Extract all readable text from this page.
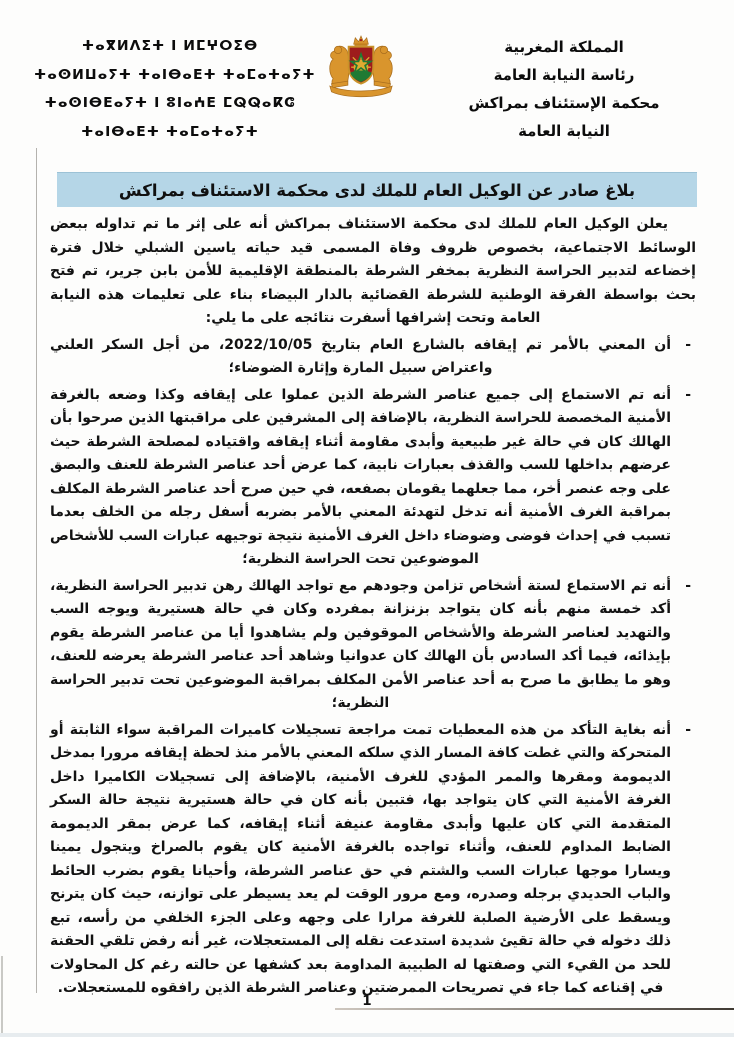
ⵜⴰⴳⵍⴷⵉⵜ ⵏ ⵍⵎⵖⵔⵉⴱ
ⵜⴰⵙⵍⵡⴰⵢⵜ ⵜⴰⵏⴱⴰⴹⵜ ⵜⴰⵎⴰⵜⴰⵢⵜ
ⵜⴰⵙⵏⴱⴹⴰⵢⵜ ⵏ ⵓⵏⴰⵄⴹ ⵎⵕⵕⴰⴽⵛ
ⵜⴰⵏⴱⴰⴹⵜ ⵜⴰⵎⴰⵜⴰⵢⵜ
المملكة المغربية
رئاسة النيابة العامة
محكمة الإستئناف بمراكش
النيابة العامة
بلاغ صادر عن الوكيل العام للملك لدى محكمة الاستئناف بمراكش

يعلن الوكيل العام للملك لدى محكمة الاستئناف بمراكش أنه على إثر ما تم تداوله ببعض الوسائط الاجتماعية، بخصوص ظروف وفاة المسمى قيد حياته ياسين الشبلي خلال فترة إخضاعه لتدبير الحراسة النظرية بمخفر الشرطة بالمنطقة الإقليمية للأمن بابن جرير، تم فتح بحث بواسطة الفرقة الوطنية للشرطة القضائية بالدار البيضاء بناء على تعليمات هذه النيابة العامة وتحت إشرافها أسفرت نتائجه على ما يلي:

-
أن المعني بالأمر تم إيقافه بالشارع العام بتاريخ 2022/10/05، من أجل السكر العلني واعتراض سبيل المارة وإثارة الضوضاء؛
-
أنه تم الاستماع إلى جميع عناصر الشرطة الذين عملوا على إيقافه وكذا وضعه بالغرفة الأمنية المخصصة للحراسة النظرية، بالإضافة إلى المشرفين على مراقبتها الذين صرحوا بأن الهالك كان في حالة غير طبيعية وأبدى مقاومة أثناء إيقافه واقتياده لمصلحة الشرطة حيث عرضهم بداخلها للسب والقذف بعبارات نابية، كما عرض أحد عناصر الشرطة للعنف والبصق على وجه عنصر أخر، مما جعلهما يقومان بصفعه، في حين صرح أحد عناصر الشرطة المكلف بمراقبة الغرف الأمنية أنه تدخل لتهدئة المعني بالأمر بضربه أسفل رجله من الخلف بعدما تسبب في إحداث فوضى وضوضاء داخل الغرف الأمنية نتيجة توجيهه عبارات السب للأشخاص الموضوعين تحت الحراسة النظرية؛
-
أنه تم الاستماع لستة أشخاص تزامن وجودهم مع تواجد الهالك رهن تدبير الحراسة النظرية، أكد خمسة منهم بأنه كان يتواجد بزنزانة بمفرده وكان في حالة هستيرية ويوجه السب والتهديد لعناصر الشرطة والأشخاص الموقوفين ولم يشاهدوا أيا من عناصر الشرطة يقوم بإيذائه، فيما أكد السادس بأن الهالك كان عدوانيا وشاهد أحد عناصر الشرطة يعرضه للعنف، وهو ما يطابق ما صرح به أحد عناصر الأمن المكلف بمراقبة الموضوعين تحت تدبير الحراسة النظرية؛
-
أنه بغاية التأكد من هذه المعطيات تمت مراجعة تسجيلات كاميرات المراقبة سواء الثابتة أو المتحركة والتي غطت كافة المسار الذي سلكه المعني بالأمر منذ لحظة إيقافه مرورا بمدخل الديمومة ومقرها والممر المؤدي للغرف الأمنية، بالإضافة إلى تسجيلات الكاميرا داخل الغرفة الأمنية التي كان يتواجد بها، فتبين بأنه كان في حالة هستيرية نتيجة حالة السكر المتقدمة التي كان عليها وأبدى مقاومة عنيفة أثناء إيقافه، كما عرض بمقر الديمومة الضابط المداوم للعنف، وأثناء تواجده بالغرفة الأمنية كان يقوم بالصراخ ويتجول يمينا ويسارا موجها عبارات السب والشتم في حق عناصر الشرطة، وأحيانا يقوم بضرب الحائط والباب الحديدي برجله وصدره، ومع مرور الوقت لم يعد يسيطر على توازنه، حيث كان يترنح ويسقط على الأرضية الصلبة للغرفة مرارا على وجهه وعلى الجزء الخلفي من رأسه، تبع ذلك دخوله في حالة تقيئ شديدة استدعت نقله إلى المستعجلات، غير أنه رفض تلقي الحقنة للحد من القيء التي وصفتها له الطبيبة المداومة بعد كشفها عن حالته رغم كل المحاولات في إقناعه كما جاء في تصريحات الممرضتين وعناصر الشرطة الذين رافقوه للمستعجلات.
1
